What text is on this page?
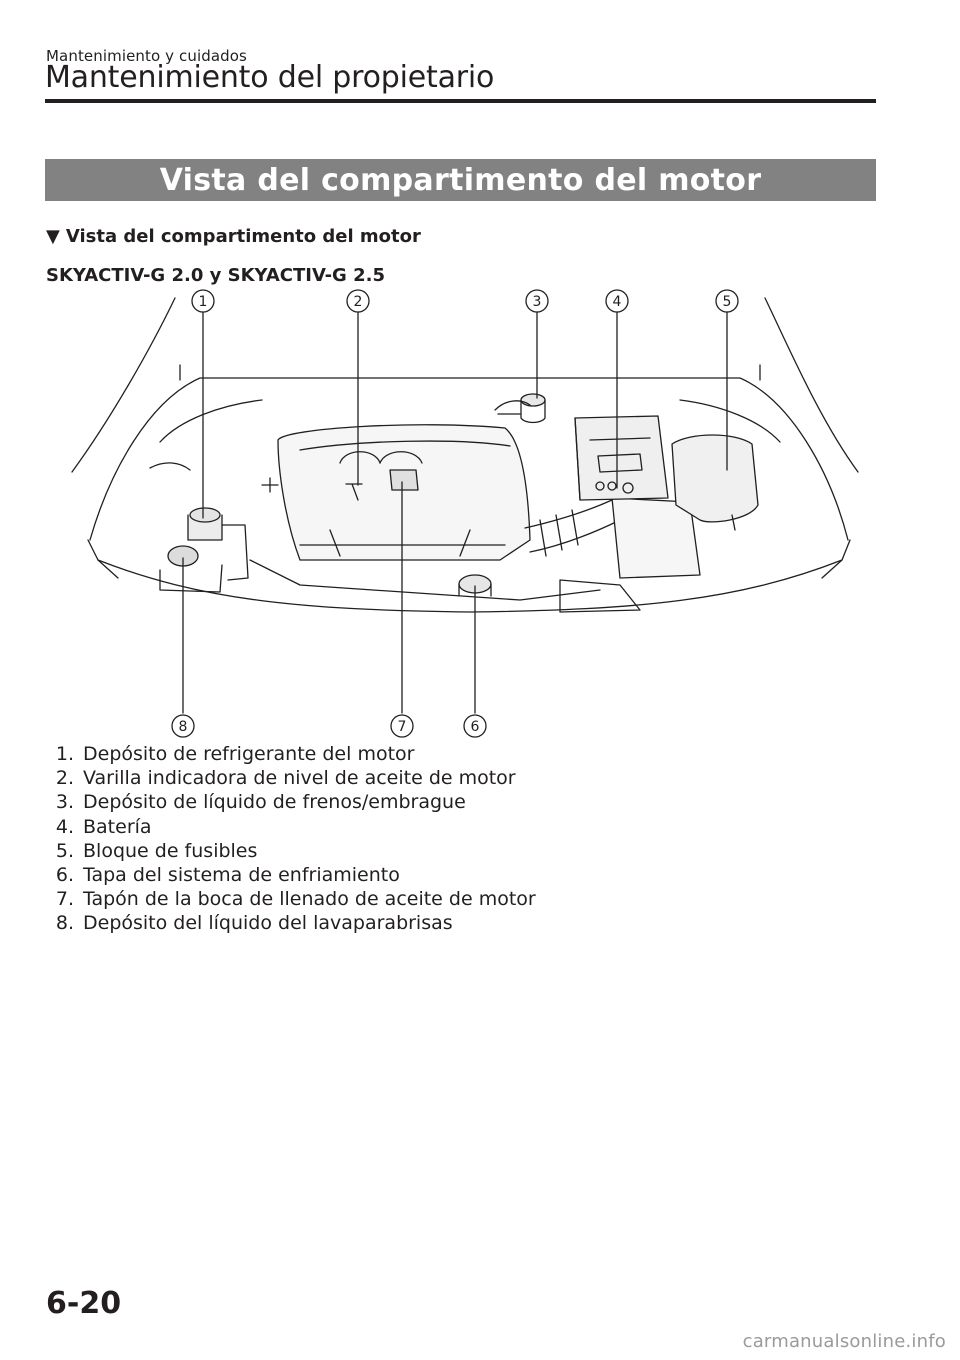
Mantenimiento y cuidados
Mantenimiento del propietario
Vista del compartimento del motor
▼ Vista del compartimento del motor
SKYACTIV-G 2.0 y SKYACTIV-G 2.5
1	2	3	4	5
6
7
8
1. Depósito de refrigerante del motor
2. Varilla indicadora de nivel de aceite de motor
3. Depósito de líquido de frenos/embrague
4. Batería
5. Bloque de fusibles
6. Tapa del sistema de enfriamiento
7. Tapón de la boca de llenado de aceite de motor
8. Depósito del líquido del lavaparabrisas
6-20
carmanualsonline.info
